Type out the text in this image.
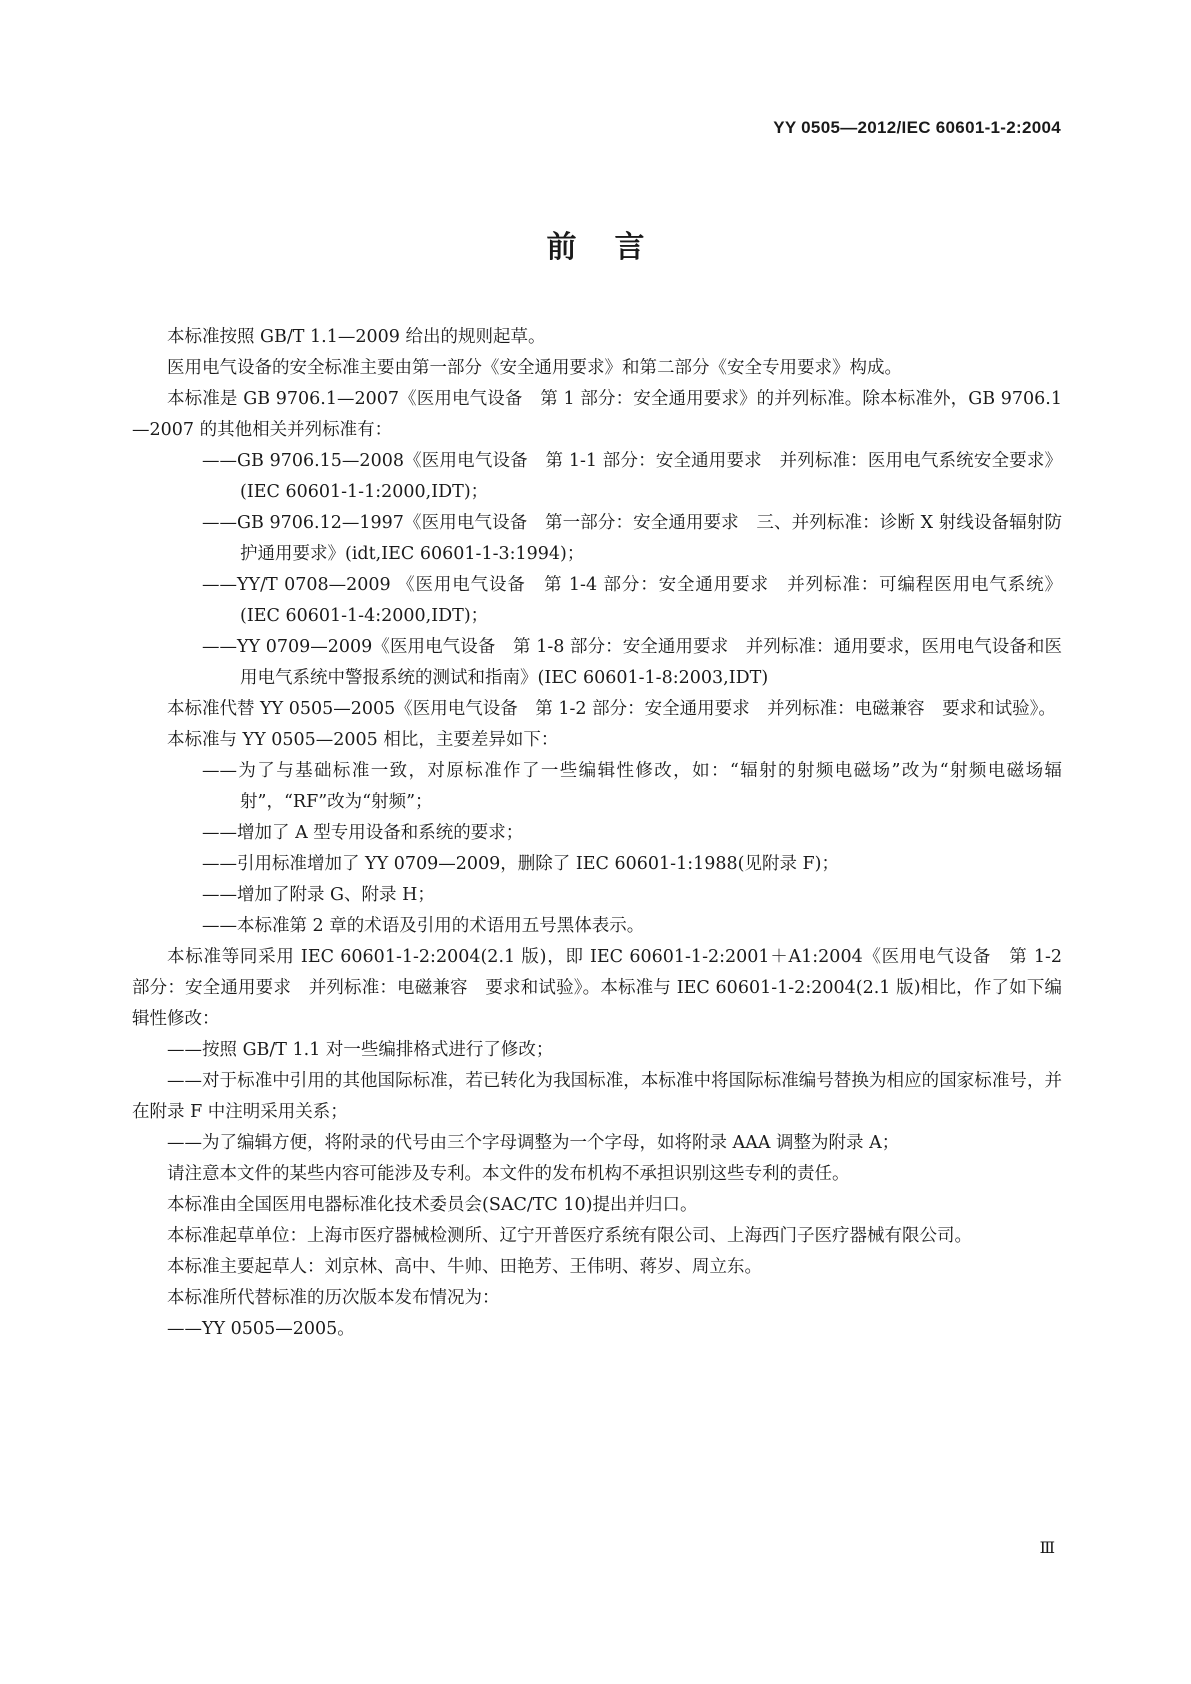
YY 0505—2012/IEC 60601-1-2:2004
前言

本标准按照 GB/T 1.1—2009 给出的规则起草。

医用电气设备的安全标准主要由第一部分《安全通用要求》和第二部分《安全专用要求》构成。

本标准是 GB 9706.1—2007《医用电气设备　第 1 部分：安全通用要求》的并列标准。除本标准外，GB 9706.1—2007 的其他相关并列标准有：

——GB 9706.15—2008《医用电气设备　第 1-1 部分：安全通用要求　并列标准：医用电气系统安全要求》(IEC 60601-1-1:2000,IDT)；

——GB 9706.12—1997《医用电气设备　第一部分：安全通用要求　三、并列标准：诊断 X 射线设备辐射防护通用要求》(idt,IEC 60601-1-3:1994)；

——YY/T 0708—2009 《医用电气设备　第 1-4 部分：安全通用要求　并列标准：可编程医用电气系统》(IEC 60601-1-4:2000,IDT)；

——YY 0709—2009《医用电气设备　第 1-8 部分：安全通用要求　并列标准：通用要求，医用电气设备和医用电气系统中警报系统的测试和指南》(IEC 60601-1-8:2003,IDT)

本标准代替 YY 0505—2005《医用电气设备　第 1-2 部分：安全通用要求　并列标准：电磁兼容　要求和试验》。

本标准与 YY 0505—2005 相比，主要差异如下：

——为了与基础标准一致，对原标准作了一些编辑性修改，如：“辐射的射频电磁场”改为“射频电磁场辐射”，“RF”改为“射频”；

——增加了 A 型专用设备和系统的要求；

——引用标准增加了 YY 0709—2009，删除了 IEC 60601-1:1988(见附录 F)；

——增加了附录 G、附录 H；

——本标准第 2 章的术语及引用的术语用五号黑体表示。

本标准等同采用 IEC 60601-1-2:2004(2.1 版)，即 IEC 60601-1-2:2001＋A1:2004《医用电气设备　第 1-2 部分：安全通用要求　并列标准：电磁兼容　要求和试验》。本标准与 IEC 60601-1-2:2004(2.1 版)相比，作了如下编辑性修改：

——按照 GB/T 1.1 对一些编排格式进行了修改；

——对于标准中引用的其他国际标准，若已转化为我国标准，本标准中将国际标准编号替换为相应的国家标准号，并在附录 F 中注明采用关系；

——为了编辑方便，将附录的代号由三个字母调整为一个字母，如将附录 AAA 调整为附录 A；

请注意本文件的某些内容可能涉及专利。本文件的发布机构不承担识别这些专利的责任。

本标准由全国医用电器标准化技术委员会(SAC/TC 10)提出并归口。

本标准起草单位：上海市医疗器械检测所、辽宁开普医疗系统有限公司、上海西门子医疗器械有限公司。

本标准主要起草人：刘京林、高中、牛帅、田艳芳、王伟明、蒋岁、周立东。

本标准所代替标准的历次版本发布情况为：

——YY 0505—2005。

Ⅲ
